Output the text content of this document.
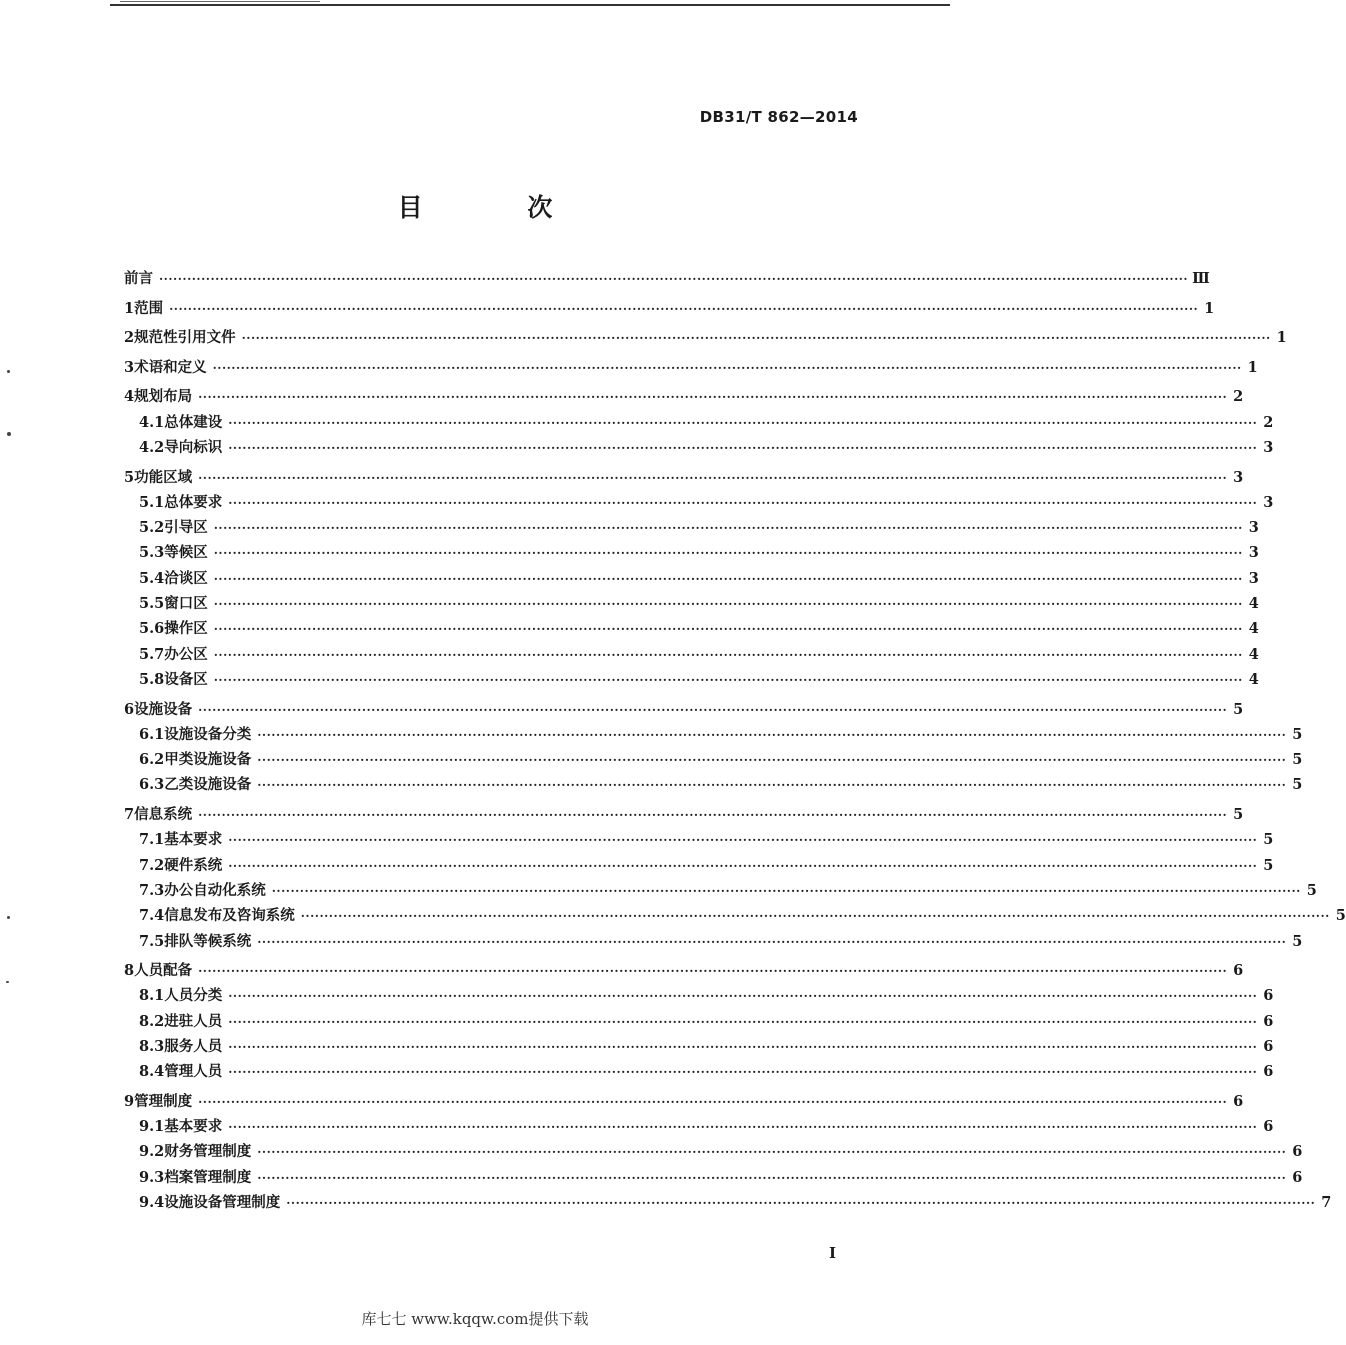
DB31/T 862—2014
目 次
前言 ···························································································································································································································· Ⅲ
1 范围 ···························································································································································································································· 1
2 规范性引用文件 ···························································································································································································································· 1
3 术语和定义 ···························································································································································································································· 1
4 规划布局 ···························································································································································································································· 2
4.1 总体建设 ···························································································································································································································· 2
4.2 导向标识 ···························································································································································································································· 3
5 功能区域 ···························································································································································································································· 3
5.1 总体要求 ···························································································································································································································· 3
5.2 引导区 ···························································································································································································································· 3
5.3 等候区 ···························································································································································································································· 3
5.4 洽谈区 ···························································································································································································································· 3
5.5 窗口区 ···························································································································································································································· 4
5.6 操作区 ···························································································································································································································· 4
5.7 办公区 ···························································································································································································································· 4
5.8 设备区 ···························································································································································································································· 4
6 设施设备 ···························································································································································································································· 5
6.1 设施设备分类 ···························································································································································································································· 5
6.2 甲类设施设备 ···························································································································································································································· 5
6.3 乙类设施设备 ···························································································································································································································· 5
7 信息系统 ···························································································································································································································· 5
7.1 基本要求 ···························································································································································································································· 5
7.2 硬件系统 ···························································································································································································································· 5
7.3 办公自动化系统 ···························································································································································································································· 5
7.4 信息发布及咨询系统 ···························································································································································································································· 5
7.5 排队等候系统 ···························································································································································································································· 5
8 人员配备 ···························································································································································································································· 6
8.1 人员分类 ···························································································································································································································· 6
8.2 进驻人员 ···························································································································································································································· 6
8.3 服务人员 ···························································································································································································································· 6
8.4 管理人员 ···························································································································································································································· 6
9 管理制度 ···························································································································································································································· 6
9.1 基本要求 ···························································································································································································································· 6
9.2 财务管理制度 ···························································································································································································································· 6
9.3 档案管理制度 ···························································································································································································································· 6
9.4 设施设备管理制度 ···························································································································································································································· 7
I
库七七 www.kqqw.com提供下载
